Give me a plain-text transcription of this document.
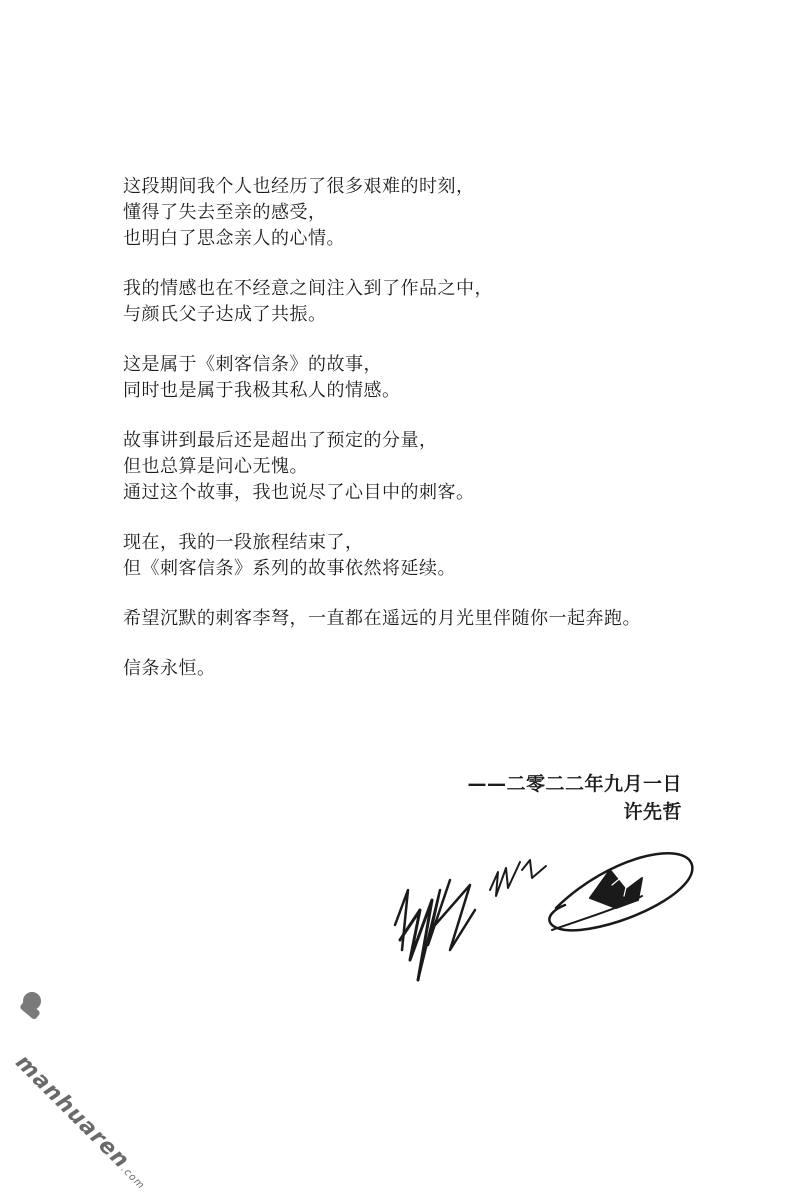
这段期间我个人也经历了很多艰难的时刻，
懂得了失去至亲的感受，
也明白了思念亲人的心情。

我的情感也在不经意之间注入到了作品之中，
与颜氏父子达成了共振。

这是属于《刺客信条》的故事，
同时也是属于我极其私人的情感。

故事讲到最后还是超出了预定的分量，
但也总算是问心无愧。
通过这个故事，我也说尽了心目中的刺客。

现在，我的一段旅程结束了，
但《刺客信条》系列的故事依然将延续。

希望沉默的刺客李弩，一直都在遥远的月光里伴随你一起奔跑。

信条永恒。

——二零二二年九月一日
许先哲
manhuaren.com
